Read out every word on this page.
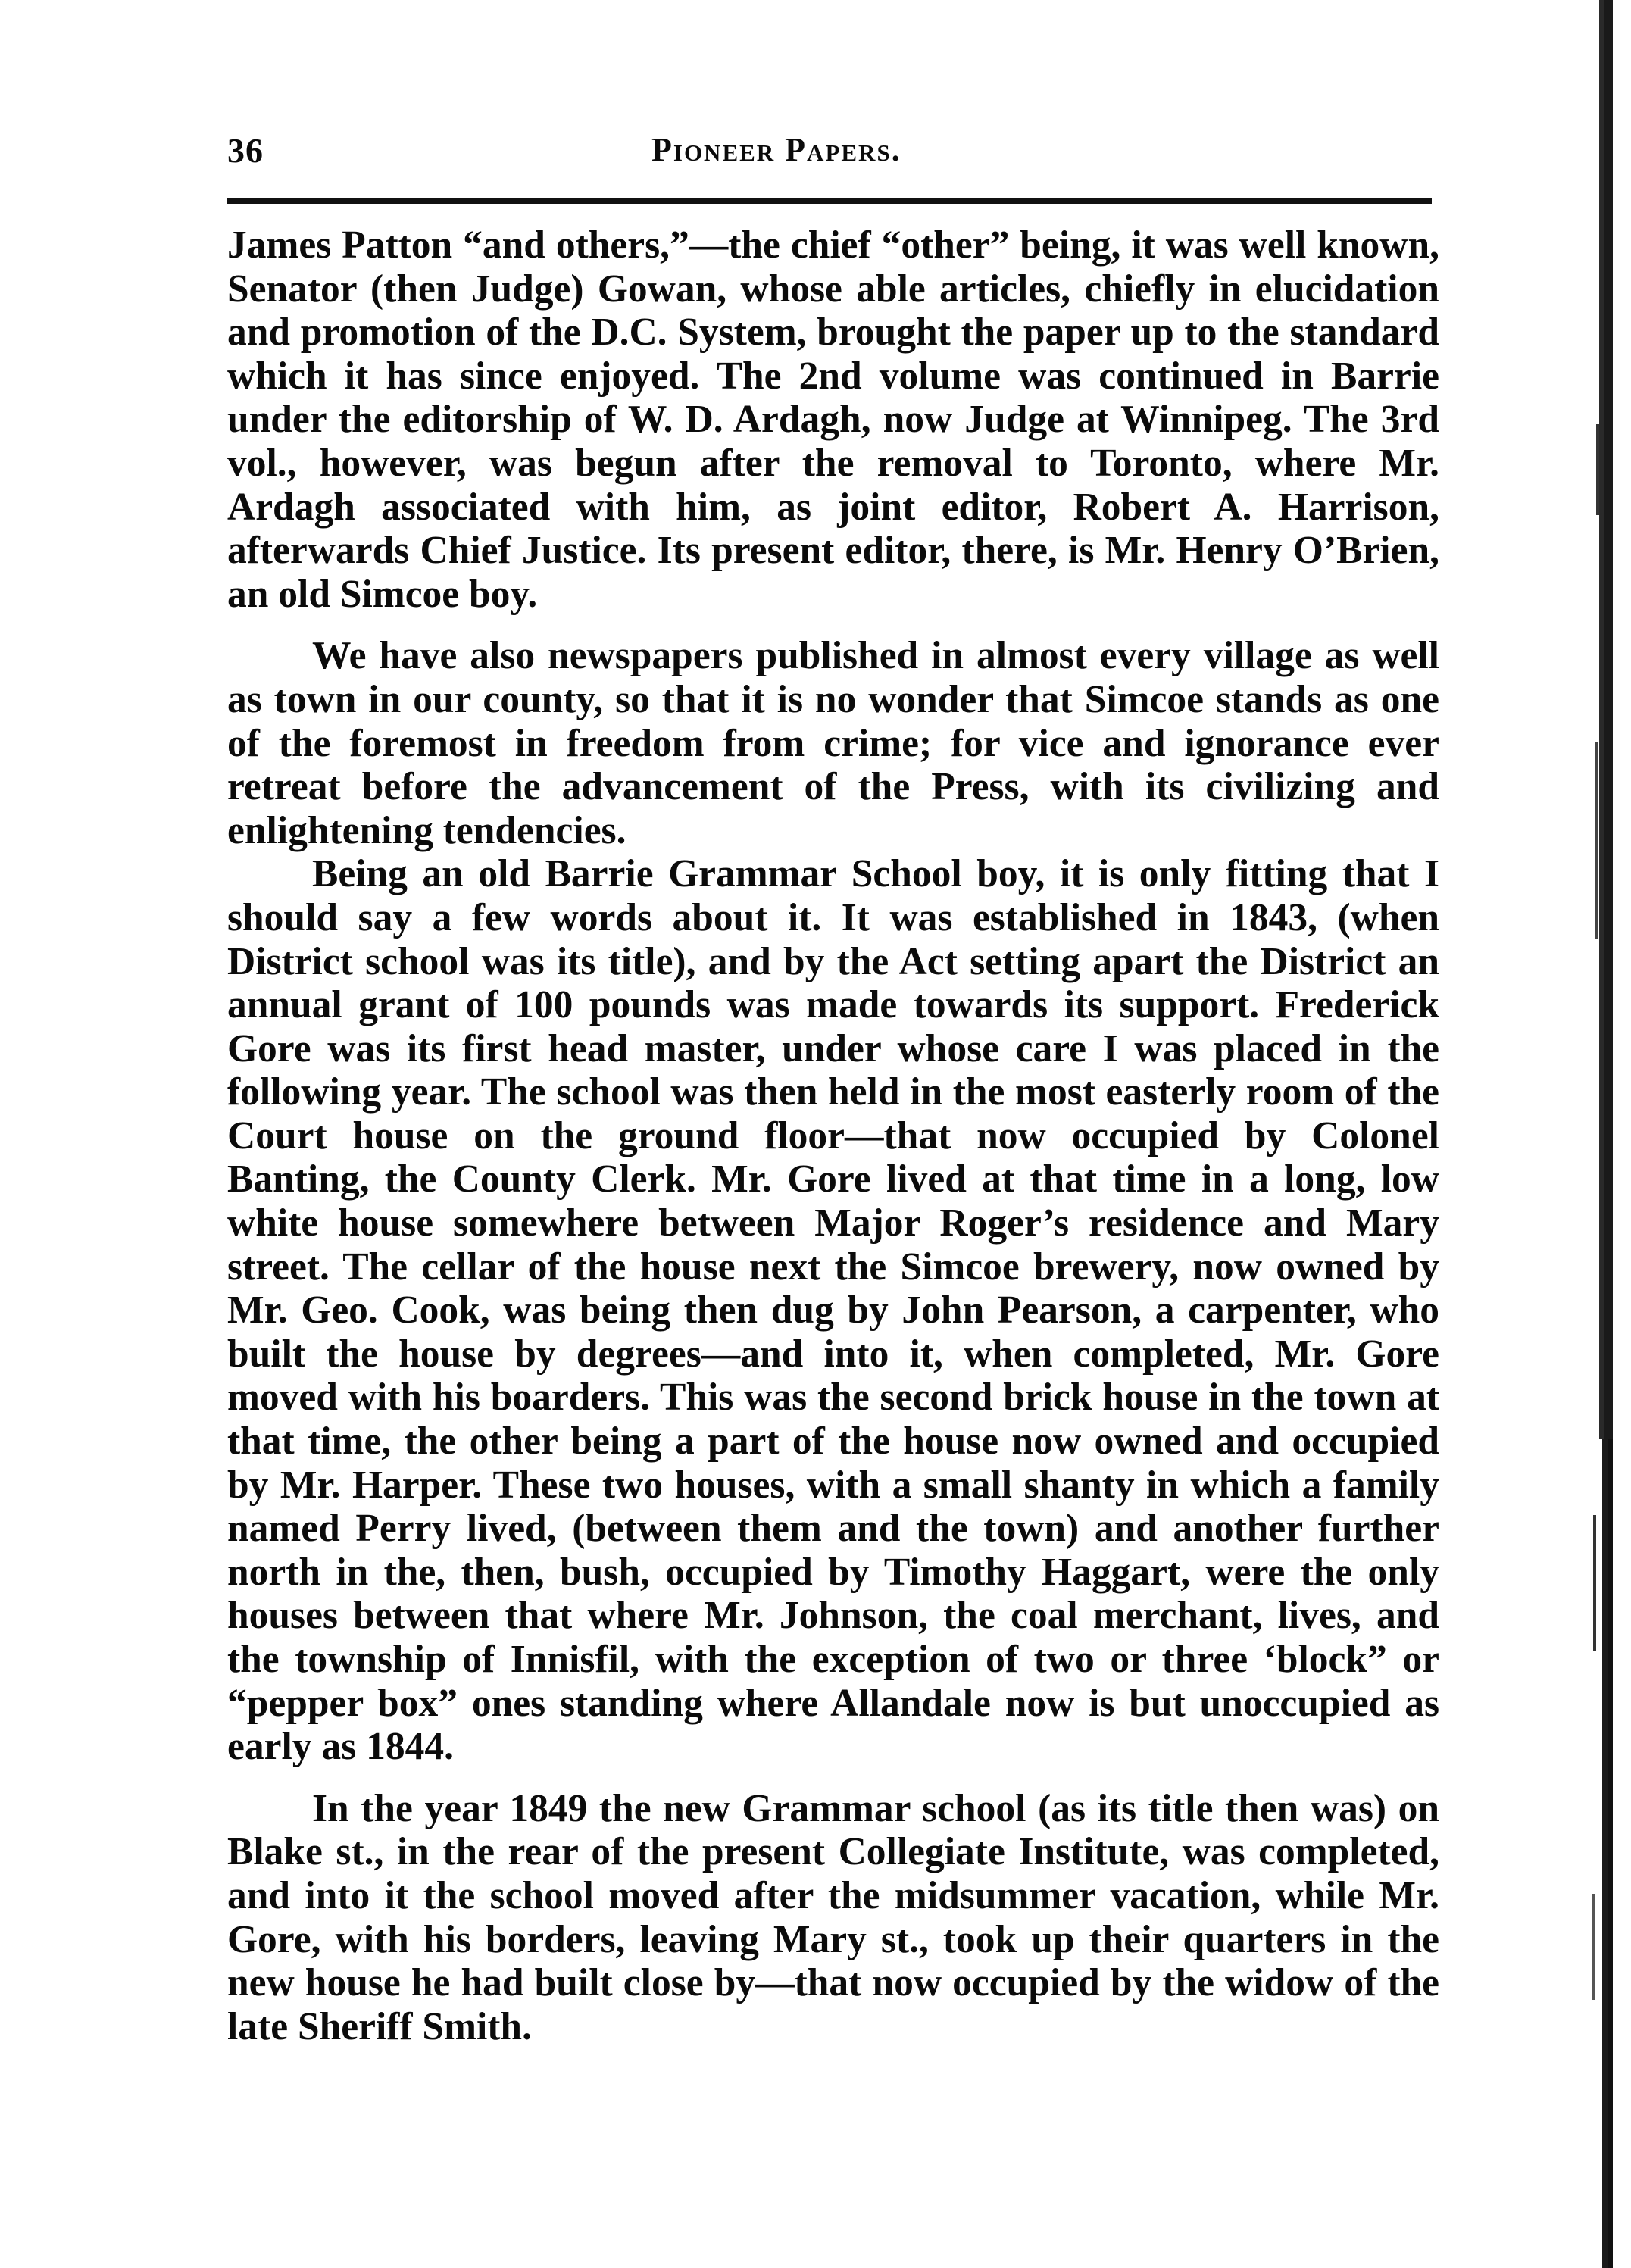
36	Pioneer Papers.

James Patton “and others,”—the chief “other” being, it was well known, Senator (then Judge) Gowan, whose able articles, chiefly in elucidation and promotion of the D.C. System, brought the paper up to the standard which it has since enjoyed. The 2nd volume was continued in Barrie under the editorship of W. D. Ardagh, now Judge at Winnipeg. The 3rd vol., however, was begun after the removal to Toronto, where Mr. Ardagh associated with him, as joint editor, Robert A. Harrison, afterwards Chief Justice. Its present editor, there, is Mr. Henry O’Brien, an old Simcoe boy.

We have also newspapers published in almost every village as well as town in our county, so that it is no wonder that Simcoe stands as one of the foremost in freedom from crime; for vice and ignorance ever retreat before the advancement of the Press, with its civilizing and enlightening tendencies.

Being an old Barrie Grammar School boy, it is only fitting that I should say a few words about it. It was established in 1843, (when District school was its title), and by the Act setting apart the District an annual grant of 100 pounds was made towards its support. Frederick Gore was its first head master, under whose care I was placed in the following year. The school was then held in the most easterly room of the Court house on the ground floor—that now occupied by Colonel Banting, the County Clerk. Mr. Gore lived at that time in a long, low white house somewhere between Major Roger’s residence and Mary street. The cellar of the house next the Simcoe brewery, now owned by Mr. Geo. Cook, was being then dug by John Pearson, a carpenter, who built the house by degrees—and into it, when completed, Mr. Gore moved with his boarders. This was the second brick house in the town at that time, the other being a part of the house now owned and occupied by Mr. Harper. These two houses, with a small shanty in which a family named Perry lived, (between them and the town) and another further north in the, then, bush, occupied by Timothy Haggart, were the only houses between that where Mr. Johnson, the coal merchant, lives, and the township of Innisfil, with the exception of two or three ‘block” or “pepper box” ones standing where Allandale now is but unoccupied as early as 1844.

In the year 1849 the new Grammar school (as its title then was) on Blake st., in the rear of the present Collegiate Institute, was completed, and into it the school moved after the midsummer vacation, while Mr. Gore, with his borders, leaving Mary st., took up their quarters in the new house he had built close by—that now occupied by the widow of the late Sheriff Smith.
